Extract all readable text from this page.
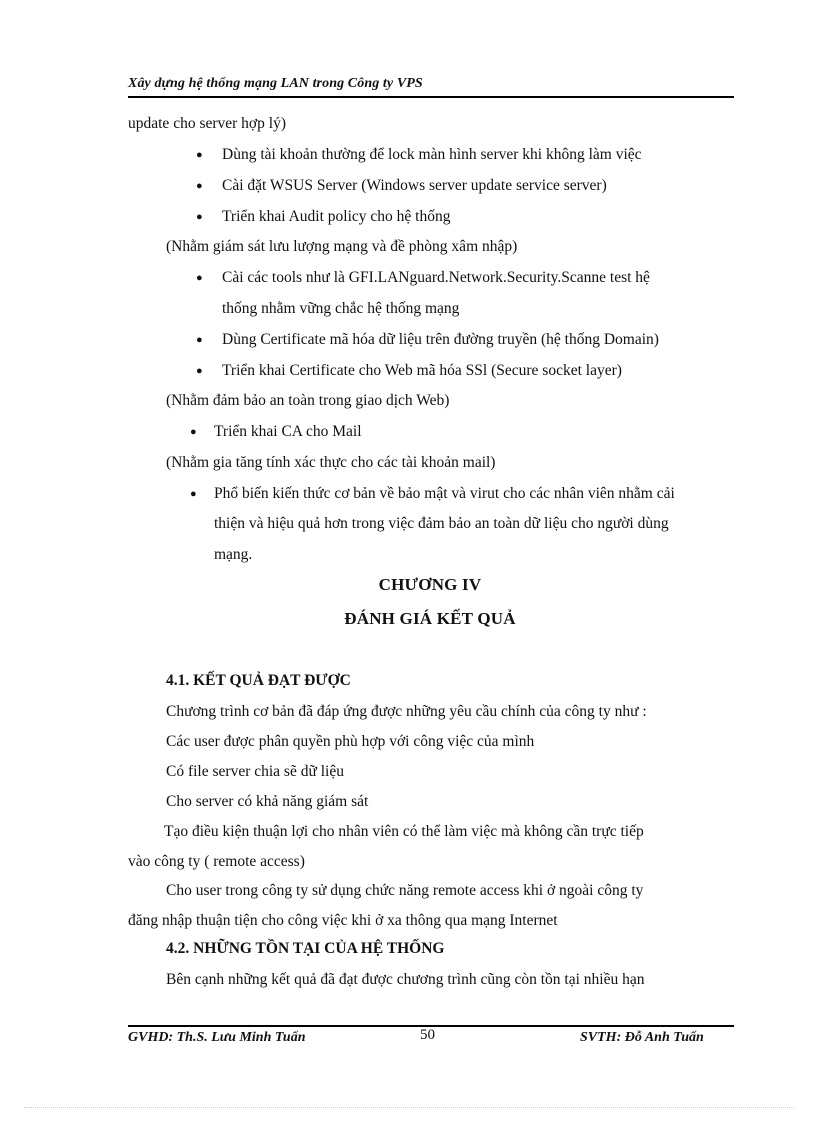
Xây dựng hệ thống mạng LAN trong Công ty VPS
update cho server hợp lý)
● Dùng tài khoản thường để lock màn hình server khi không làm việc
● Cài đặt WSUS Server (Windows server update service server)
● Triển khai Audit policy cho hệ thống
(Nhằm giám sát lưu lượng mạng và đề phòng xâm nhập)
● Cài các tools như là GFI.LANguard.Network.Security.Scanne test hệ
thống nhằm vững chắc hệ thống mạng
● Dùng Certificate mã hóa dữ liệu trên đường truyền (hệ thống Domain)
● Triển khai Certificate cho Web mã hóa SSl (Secure socket layer)
(Nhằm đảm bảo an toàn trong giao dịch Web)
● Triển khai CA cho Mail
(Nhằm gia tăng tính xác thực cho các tài khoản mail)
● Phổ biến kiến thức cơ bản về bảo mật và virut cho các nhân viên nhằm cải
thiện và hiệu quả hơn trong việc đảm bảo an toàn dữ liệu cho người dùng
mạng.
CHƯƠNG IV
ĐÁNH GIÁ KẾT QUẢ
4.1. KẾT QUẢ ĐẠT ĐƯỢC
Chương trình cơ bản đã đáp ứng được những yêu cầu chính của công ty như :
Các user được phân quyền phù hợp với công việc của mình
Có file server chia sẽ dữ liệu
Cho server có khả năng giám sát
Tạo điều kiện thuận lợi cho nhân viên có thể làm việc mà không cần trực tiếp
vào công ty ( remote access)
Cho user trong công ty sử dụng chức năng remote access khi ở ngoài công ty
đăng nhập thuận tiện cho công việc khi ở xa thông qua mạng Internet
4.2. NHỮNG TỒN TẠI CỦA HỆ THỐNG
Bên cạnh những kết quả đã đạt được chương trình cũng còn tồn tại nhiều hạn
GVHD: Th.S. Lưu Minh Tuấn	50	SVTH: Đỗ Anh Tuấn
